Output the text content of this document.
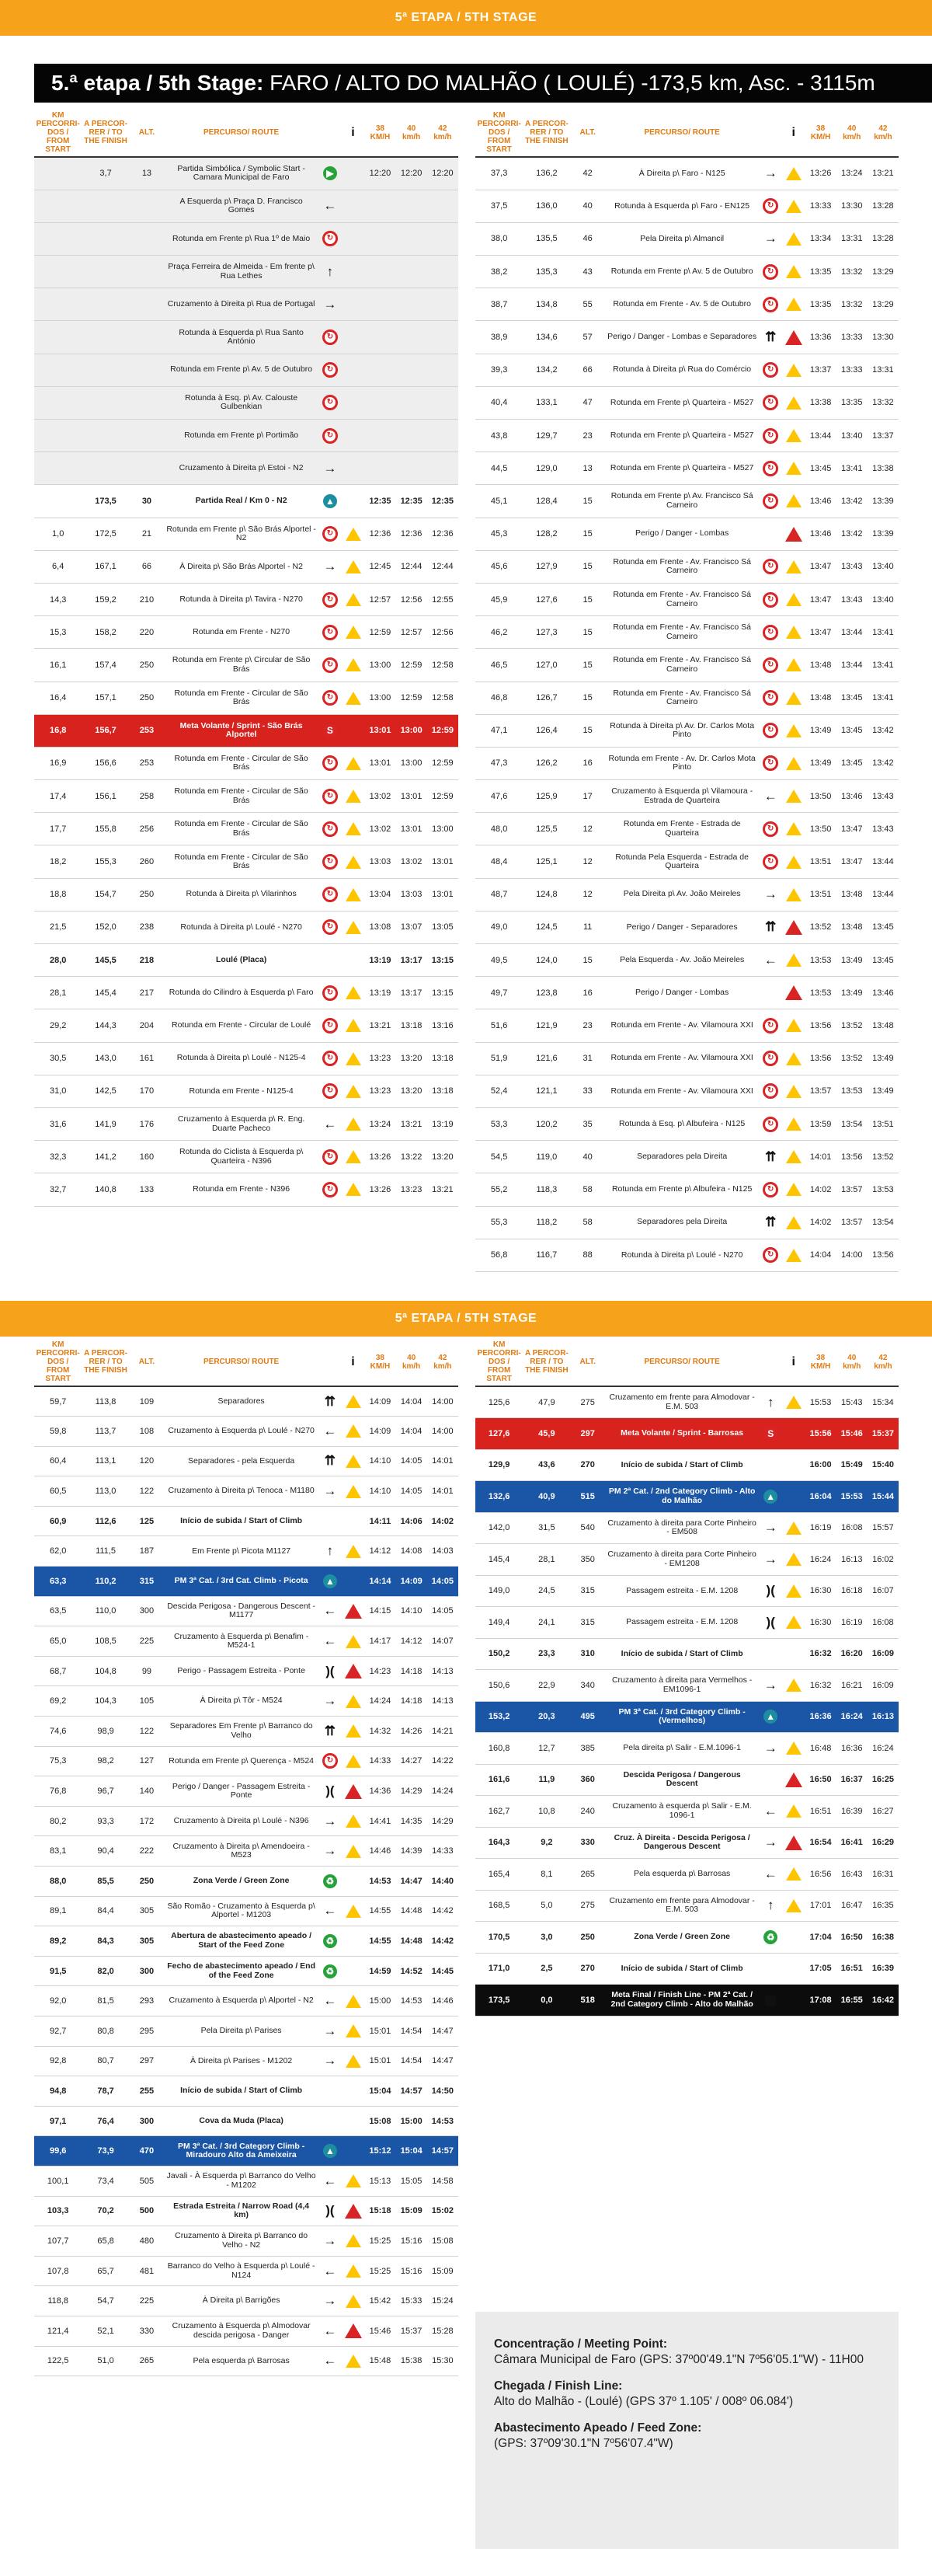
5ª ETAPA / 5TH STAGE
5.ª etapa / 5th Stage: FARO / ALTO DO MALHÃO ( LOULÉ) -173,5 km, Asc. - 3115m
KM PERCORRI-DOS / FROM START	A PERCOR-RER / TO THE FINISH	ALT.	PERCURSO/ ROUTE		i	38 KM/H	40 km/h	42 km/h
	3,7	13	Partida Simbólica / Symbolic Start - Camara Municipal de Faro	▶		12:20	12:20	12:20
			A Esquerda p\ Praça D. Francisco Gomes	←				
			Rotunda em Frente p\ Rua 1º de Maio	↻				
			Praça Ferreira de Almeida - Em frente p\ Rua Lethes	↑				
			Cruzamento à Direita p\ Rua de Portugal	→				
			Rotunda à Esquerda p\ Rua Santo António	↻				
			Rotunda em Frente p\ Av. 5 de Outubro	↻				
			Rotunda à Esq. p\ Av. Calouste Gulbenkian	↻				
			Rotunda em Frente p\ Portimão	↻				
			Cruzamento à Direita p\ Estoi - N2	→				
	173,5	30	Partida Real / Km 0 - N2	▲		12:35	12:35	12:35
1,0	172,5	21	Rotunda em Frente p\ São Brás Alportel - N2	↻		12:36	12:36	12:36
6,4	167,1	66	À Direita p\ São Brás Alportel - N2	→		12:45	12:44	12:44
14,3	159,2	210	Rotunda à Direita p\ Tavira - N270	↻		12:57	12:56	12:55
15,3	158,2	220	Rotunda em Frente - N270	↻		12:59	12:57	12:56
16,1	157,4	250	Rotunda em Frente p\ Circular de São Brás	↻		13:00	12:59	12:58
16,4	157,1	250	Rotunda em Frente - Circular de São Brás	↻		13:00	12:59	12:58
16,8	156,7	253	Meta Volante / Sprint - São Brás Alportel	S		13:01	13:00	12:59
16,9	156,6	253	Rotunda em Frente - Circular de São Brás	↻		13:01	13:00	12:59
17,4	156,1	258	Rotunda em Frente - Circular de São Brás	↻		13:02	13:01	12:59
17,7	155,8	256	Rotunda em Frente - Circular de São Brás	↻		13:02	13:01	13:00
18,2	155,3	260	Rotunda em Frente - Circular de São Brás	↻		13:03	13:02	13:01
18,8	154,7	250	Rotunda à Direita p\ Vilarinhos	↻		13:04	13:03	13:01
21,5	152,0	238	Rotunda à Direita p\ Loulé - N270	↻		13:08	13:07	13:05
28,0	145,5	218	Loulé (Placa)			13:19	13:17	13:15
28,1	145,4	217	Rotunda do Cilindro à Esquerda p\ Faro	↻		13:19	13:17	13:15
29,2	144,3	204	Rotunda em Frente - Circular de Loulé	↻		13:21	13:18	13:16
30,5	143,0	161	Rotunda à Direita p\ Loulé - N125-4	↻		13:23	13:20	13:18
31,0	142,5	170	Rotunda em Frente - N125-4	↻		13:23	13:20	13:18
31,6	141,9	176	Cruzamento à Esquerda p\ R. Eng. Duarte Pacheco	←		13:24	13:21	13:19
32,3	141,2	160	Rotunda do Ciclista à Esquerda p\ Quarteira - N396	↻		13:26	13:22	13:20
32,7	140,8	133	Rotunda em Frente - N396	↻		13:26	13:23	13:21
KM PERCORRI-DOS / FROM START	A PERCOR-RER / TO THE FINISH	ALT.	PERCURSO/ ROUTE		i	38 KM/H	40 km/h	42 km/h
37,3	136,2	42	À Direita p\ Faro - N125	→		13:26	13:24	13:21
37,5	136,0	40	Rotunda à Esquerda p\ Faro - EN125	↻		13:33	13:30	13:28
38,0	135,5	46	Pela Direita p\ Almancil	→		13:34	13:31	13:28
38,2	135,3	43	Rotunda em Frente p\ Av. 5 de Outubro	↻		13:35	13:32	13:29
38,7	134,8	55	Rotunda em Frente - Av. 5 de Outubro	↻		13:35	13:32	13:29
38,9	134,6	57	Perigo / Danger - Lombas e Separadores	⇈		13:36	13:33	13:30
39,3	134,2	66	Rotunda à Direita p\ Rua do Comércio	↻		13:37	13:33	13:31
40,4	133,1	47	Rotunda em Frente p\ Quarteira - M527	↻		13:38	13:35	13:32
43,8	129,7	23	Rotunda em Frente p\ Quarteira - M527	↻		13:44	13:40	13:37
44,5	129,0	13	Rotunda em Frente p\ Quarteira - M527	↻		13:45	13:41	13:38
45,1	128,4	15	Rotunda em Frente p\ Av. Francisco Sá Carneiro	↻		13:46	13:42	13:39
45,3	128,2	15	Perigo / Danger - Lombas			13:46	13:42	13:39
45,6	127,9	15	Rotunda em Frente - Av. Francisco Sá Carneiro	↻		13:47	13:43	13:40
45,9	127,6	15	Rotunda em Frente - Av. Francisco Sá Carneiro	↻		13:47	13:43	13:40
46,2	127,3	15	Rotunda em Frente - Av. Francisco Sá Carneiro	↻		13:47	13:44	13:41
46,5	127,0	15	Rotunda em Frente - Av. Francisco Sá Carneiro	↻		13:48	13:44	13:41
46,8	126,7	15	Rotunda em Frente - Av. Francisco Sá Carneiro	↻		13:48	13:45	13:41
47,1	126,4	15	Rotunda à Direita p\ Av. Dr. Carlos Mota Pinto	↻		13:49	13:45	13:42
47,3	126,2	16	Rotunda em Frente - Av. Dr. Carlos Mota Pinto	↻		13:49	13:45	13:42
47,6	125,9	17	Cruzamento à Esquerda p\ Vilamoura - Estrada de Quarteira	←		13:50	13:46	13:43
48,0	125,5	12	Rotunda em Frente - Estrada de Quarteira	↻		13:50	13:47	13:43
48,4	125,1	12	Rotunda Pela Esquerda - Estrada de Quarteira	↻		13:51	13:47	13:44
48,7	124,8	12	Pela Direita p\ Av. João Meireles	→		13:51	13:48	13:44
49,0	124,5	11	Perigo / Danger - Separadores	⇈		13:52	13:48	13:45
49,5	124,0	15	Pela Esquerda - Av. João Meireles	←		13:53	13:49	13:45
49,7	123,8	16	Perigo / Danger - Lombas			13:53	13:49	13:46
51,6	121,9	23	Rotunda em Frente - Av. Vilamoura XXI	↻		13:56	13:52	13:48
51,9	121,6	31	Rotunda em Frente - Av. Vilamoura XXI	↻		13:56	13:52	13:49
52,4	121,1	33	Rotunda em Frente - Av. Vilamoura XXI	↻		13:57	13:53	13:49
53,3	120,2	35	Rotunda à Esq. p\ Albufeira - N125	↻		13:59	13:54	13:51
54,5	119,0	40	Separadores pela Direita	⇈		14:01	13:56	13:52
55,2	118,3	58	Rotunda em Frente p\ Albufeira - N125	↻		14:02	13:57	13:53
55,3	118,2	58	Separadores pela Direita	⇈		14:02	13:57	13:54
56,8	116,7	88	Rotunda à Direita p\ Loulé - N270	↻		14:04	14:00	13:56
5ª ETAPA / 5TH STAGE
KM PERCORRI-DOS / FROM START	A PERCOR-RER / TO THE FINISH	ALT.	PERCURSO/ ROUTE		i	38 KM/H	40 km/h	42 km/h
59,7	113,8	109	Separadores	⇈		14:09	14:04	14:00
59,8	113,7	108	Cruzamento à Esquerda p\ Loulé - N270	←		14:09	14:04	14:00
60,4	113,1	120	Separadores - pela Esquerda	⇈		14:10	14:05	14:01
60,5	113,0	122	Cruzamento à Direita p\ Tenoca - M1180	→		14:10	14:05	14:01
60,9	112,6	125	Início de subida / Start of Climb			14:11	14:06	14:02
62,0	111,5	187	Em Frente p\ Picota M1127	↑		14:12	14:08	14:03
63,3	110,2	315	PM 3ª Cat. / 3rd Cat. Climb - Picota	▲		14:14	14:09	14:05
63,5	110,0	300	Descida Perigosa - Dangerous Descent - M1177	←		14:15	14:10	14:05
65,0	108,5	225	Cruzamento à Esquerda p\ Benafim - M524-1	←		14:17	14:12	14:07
68,7	104,8	99	Perigo - Passagem Estreita - Ponte	)(		14:23	14:18	14:13
69,2	104,3	105	À Direita p\ Tôr - M524	→		14:24	14:18	14:13
74,6	98,9	122	Separadores Em Frente p\ Barranco do Velho	⇈		14:32	14:26	14:21
75,3	98,2	127	Rotunda em Frente p\ Querença - M524	↻		14:33	14:27	14:22
76,8	96,7	140	Perigo / Danger - Passagem Estreita - Ponte	)(		14:36	14:29	14:24
80,2	93,3	172	Cruzamento à Direita p\ Loulé - N396	→		14:41	14:35	14:29
83,1	90,4	222	Cruzamento à Direita p\ Amendoeira - M523	→		14:46	14:39	14:33
88,0	85,5	250	Zona Verde / Green Zone	♻		14:53	14:47	14:40
89,1	84,4	305	São Romão - Cruzamento à Esquerda p\ Alportel - M1203	←		14:55	14:48	14:42
89,2	84,3	305	Abertura de abastecimento apeado / Start of the Feed Zone	♻		14:55	14:48	14:42
91,5	82,0	300	Fecho de abastecimento apeado / End of the Feed Zone	♻		14:59	14:52	14:45
92,0	81,5	293	Cruzamento à Esquerda p\ Alportel - N2	←		15:00	14:53	14:46
92,7	80,8	295	Pela Direita p\ Parises	→		15:01	14:54	14:47
92,8	80,7	297	À Direita p\ Parises - M1202	→		15:01	14:54	14:47
94,8	78,7	255	Início de subida / Start of Climb			15:04	14:57	14:50
97,1	76,4	300	Cova da Muda (Placa)			15:08	15:00	14:53
99,6	73,9	470	PM 3ª Cat. / 3rd Category Climb - Miradouro Alto da Ameixeira	▲		15:12	15:04	14:57
100,1	73,4	505	Javali - À Esquerda p\ Barranco do Velho - M1202	←		15:13	15:05	14:58
103,3	70,2	500	Estrada Estreita / Narrow Road (4,4 km)	)(		15:18	15:09	15:02
107,7	65,8	480	Cruzamento à Direita p\ Barranco do Velho - N2	→		15:25	15:16	15:08
107,8	65,7	481	Barranco do Velho à Esquerda p\ Loulé - N124	←		15:25	15:16	15:09
118,8	54,7	225	À Direita p\ Barrigões	→		15:42	15:33	15:24
121,4	52,1	330	Cruzamento à Esquerda p\ Almodovar descida perigosa - Danger	←		15:46	15:37	15:28
122,5	51,0	265	Pela esquerda p\ Barrosas	←		15:48	15:38	15:30
KM PERCORRI-DOS / FROM START	A PERCOR-RER / TO THE FINISH	ALT.	PERCURSO/ ROUTE		i	38 KM/H	40 km/h	42 km/h
125,6	47,9	275	Cruzamento em frente para Almodovar - E.M. 503	↑		15:53	15:43	15:34
127,6	45,9	297	Meta Volante / Sprint - Barrosas	S		15:56	15:46	15:37
129,9	43,6	270	Início de subida / Start of Climb			16:00	15:49	15:40
132,6	40,9	515	PM 2ª Cat. / 2nd Category Climb - Alto do Malhão	▲		16:04	15:53	15:44
142,0	31,5	540	Cruzamento à direita para Corte Pinheiro - EM508	→		16:19	16:08	15:57
145,4	28,1	350	Cruzamento à direita para Corte Pinheiro - EM1208	→		16:24	16:13	16:02
149,0	24,5	315	Passagem estreita - E.M. 1208	)(		16:30	16:18	16:07
149,4	24,1	315	Passagem estreita - E.M. 1208	)(		16:30	16:19	16:08
150,2	23,3	310	Início de subida / Start of Climb			16:32	16:20	16:09
150,6	22,9	340	Cruzamento à direita para Vermelhos - EM1096-1	→		16:32	16:21	16:09
153,2	20,3	495	PM 3ª Cat. / 3rd Category Climb - (Vermelhos)	▲		16:36	16:24	16:13
160,8	12,7	385	Pela direita p\ Salir - E.M.1096-1	→		16:48	16:36	16:24
161,6	11,9	360	Descida Perigosa / Dangerous Descent			16:50	16:37	16:25
162,7	10,8	240	Cruzamento à esquerda p\ Salir - E.M. 1096-1	←		16:51	16:39	16:27
164,3	9,2	330	Cruz. À Direita - Descida Perigosa / Dangerous Descent	→		16:54	16:41	16:29
165,4	8,1	265	Pela esquerda p\ Barrosas	←		16:56	16:43	16:31
168,5	5,0	275	Cruzamento em frente para Almodovar - E.M. 503	↑		17:01	16:47	16:35
170,5	3,0	250	Zona Verde / Green Zone	♻		17:04	16:50	16:38
171,0	2,5	270	Início de subida / Start of Climb			17:05	16:51	16:39
173,5	0,0	518	Meta Final / Finish Line - PM 2ª Cat. / 2nd Category Climb - Alto do Malhão	▦		17:08	16:55	16:42
Concentração / Meeting Point:
Câmara Municipal de Faro (GPS: 37º00'49.1"N 7º56'05.1"W) - 11H00
Chegada / Finish Line:
Alto do Malhão - (Loulé) (GPS 37º 1.105' / 008º 06.084')
Abastecimento Apeado / Feed Zone:
(GPS: 37º09'30.1"N 7º56'07.4"W)
